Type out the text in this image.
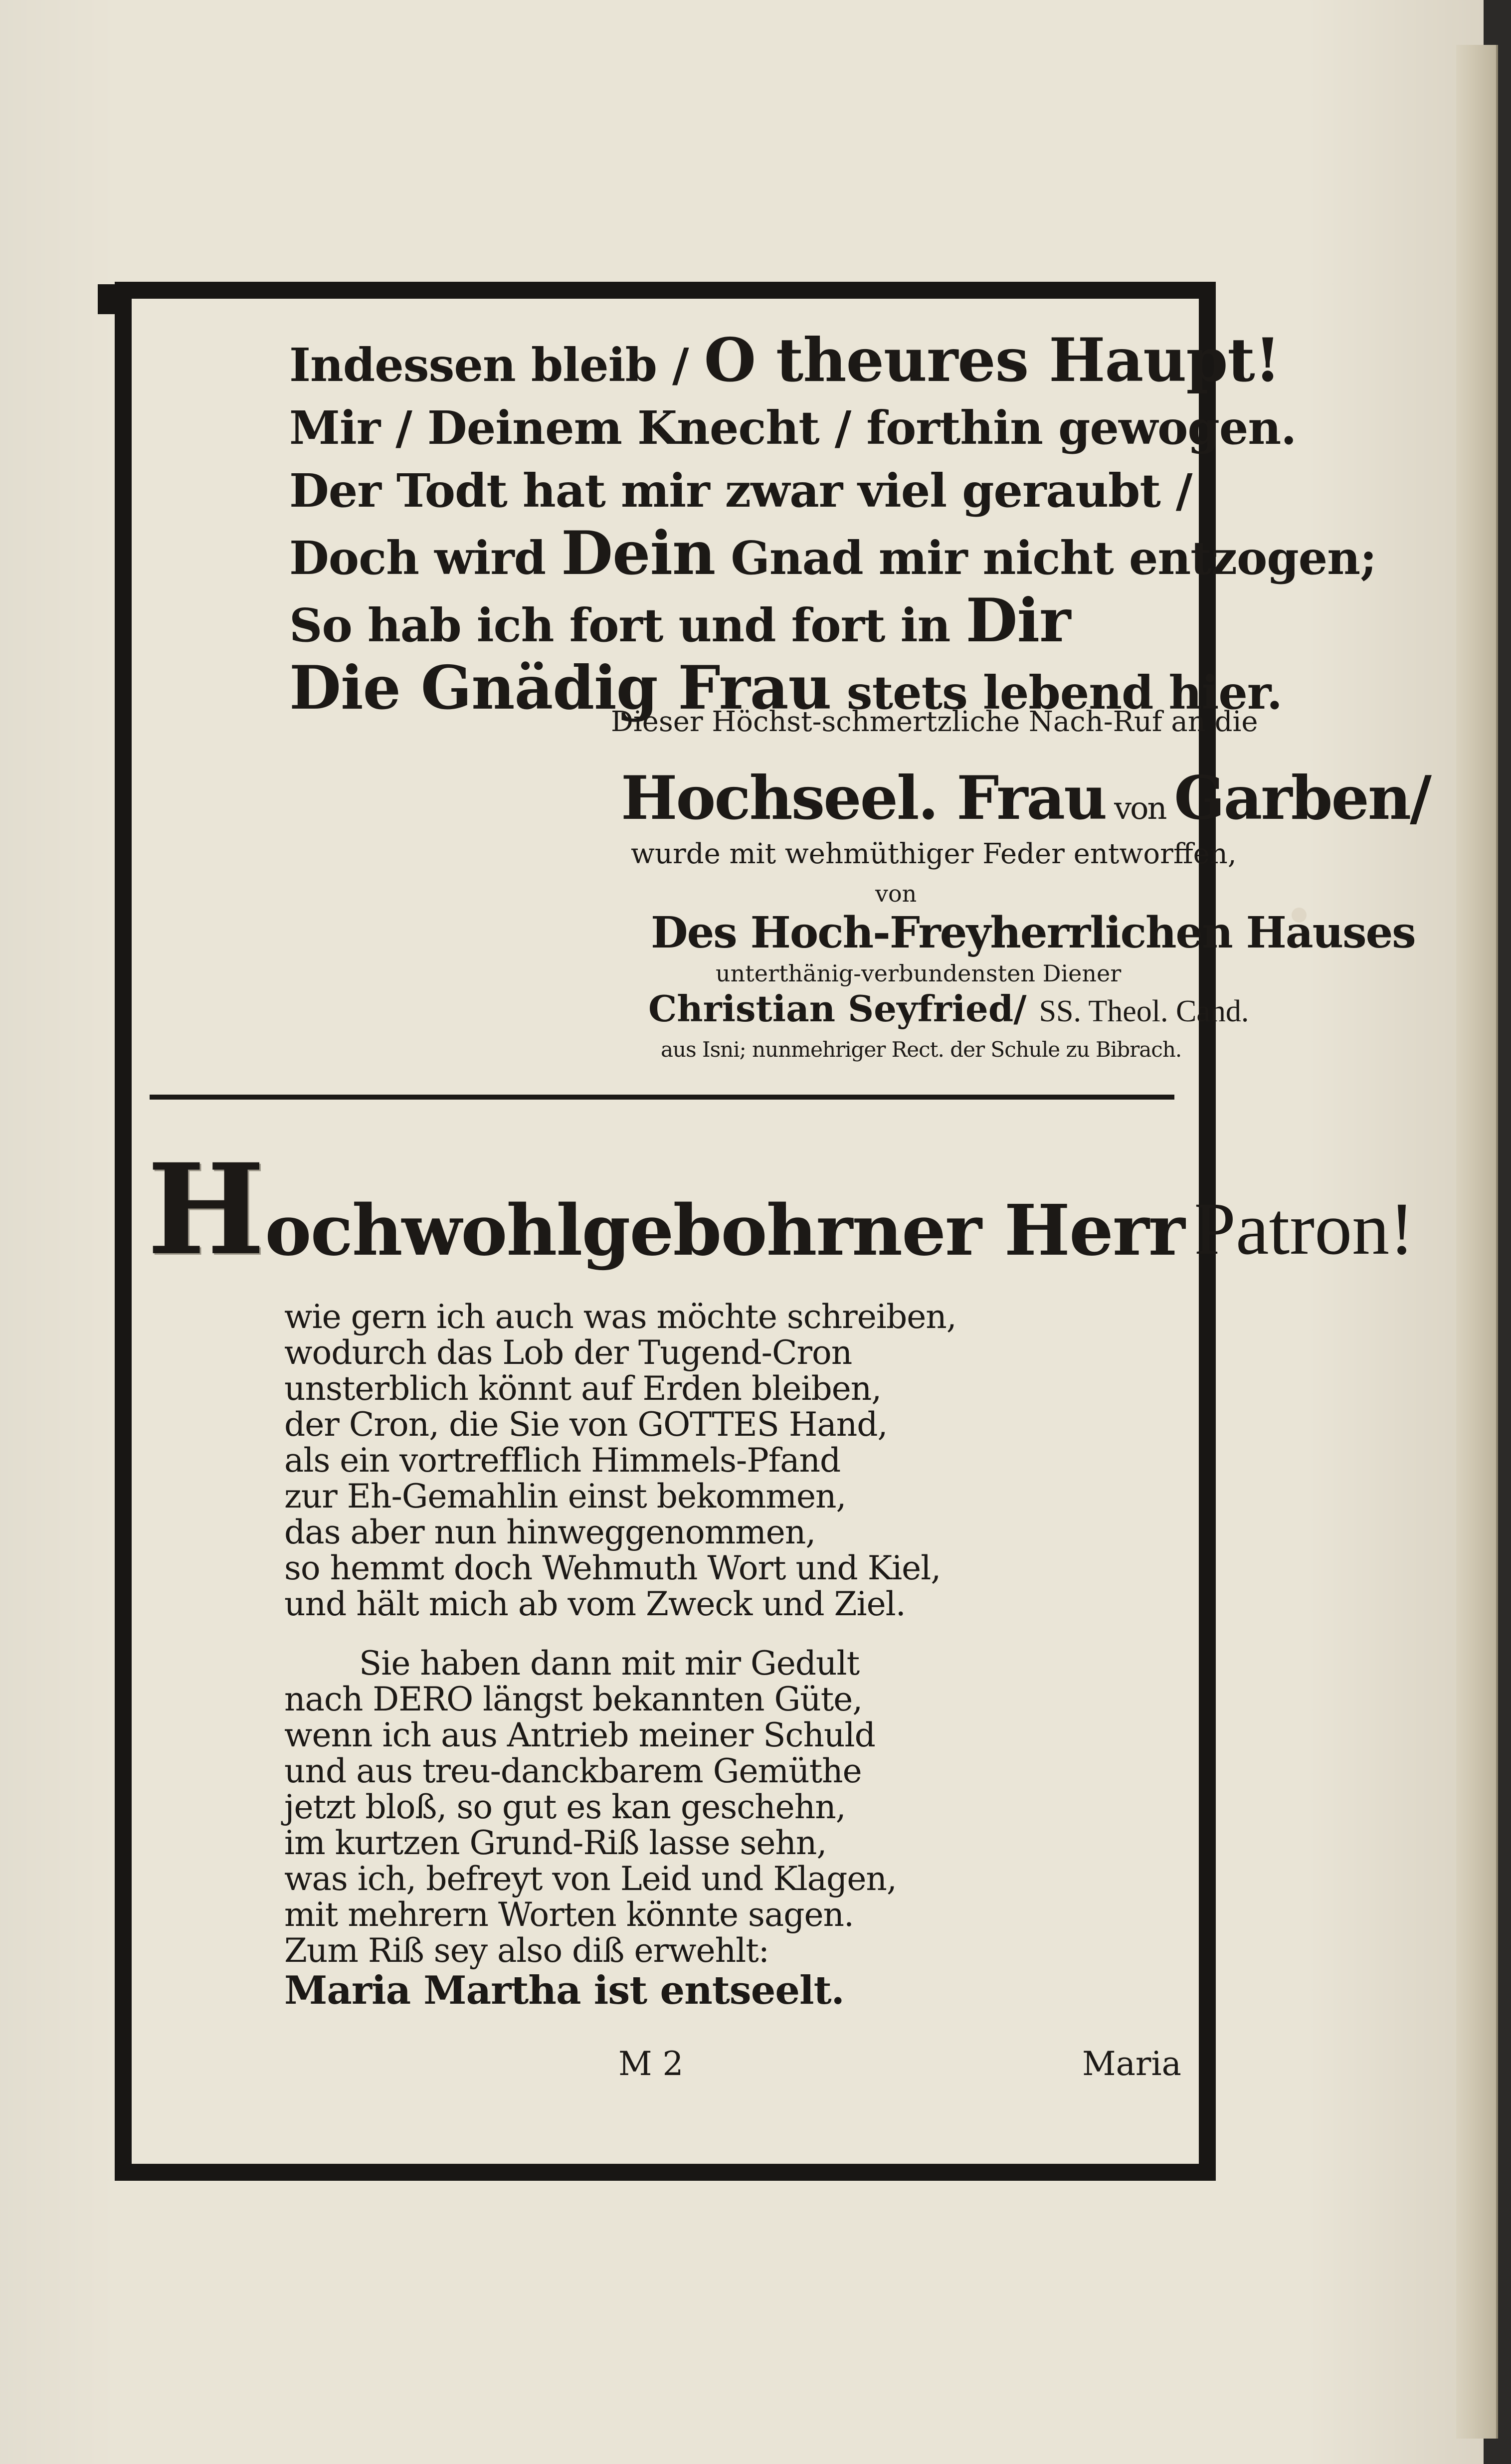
Indessen bleib / O theures Haupt!
Mir / Deinem Knecht / forthin gewogen.
Der Todt hat mir zwar viel geraubt /
Doch wird Dein Gnad mir nicht entzogen;
So hab ich fort und fort in Dir
Die Gnädig Frau stets lebend hier.
Dieser Höchst-schmertzliche Nach-Ruf an die
Hochseel. Frau von Garben/
wurde mit wehmüthiger Feder entworffen,
von
Des Hoch-Freyherrlichen Hauses
unterthänig-verbundensten Diener
Christian Seyfried/ SS. Theol. Cand.
aus Isni; nunmehriger Rect. der Schule zu Bibrach.
Hochwohlgebohrner Herr Patron!
wie gern ich auch was möchte schreiben,
wodurch das Lob der Tugend-Cron
unsterblich könnt auf Erden bleiben,
der Cron, die Sie von GOTTES Hand,
als ein vortrefflich Himmels-Pfand
zur Eh-Gemahlin einst bekommen,
das aber nun hinweggenommen,
so hemmt doch Wehmuth Wort und Kiel,
und hält mich ab vom Zweck und Ziel.
Sie haben dann mit mir Gedult
nach DERO längst bekannten Güte,
wenn ich aus Antrieb meiner Schuld
und aus treu-danckbarem Gemüthe
jetzt bloß, so gut es kan geschehn,
im kurtzen Grund-Riß lasse sehn,
was ich, befreyt von Leid und Klagen,
mit mehrern Worten könnte sagen.
Zum Riß sey also diß erwehlt:
Maria Martha ist entseelt.
M 2	Maria
